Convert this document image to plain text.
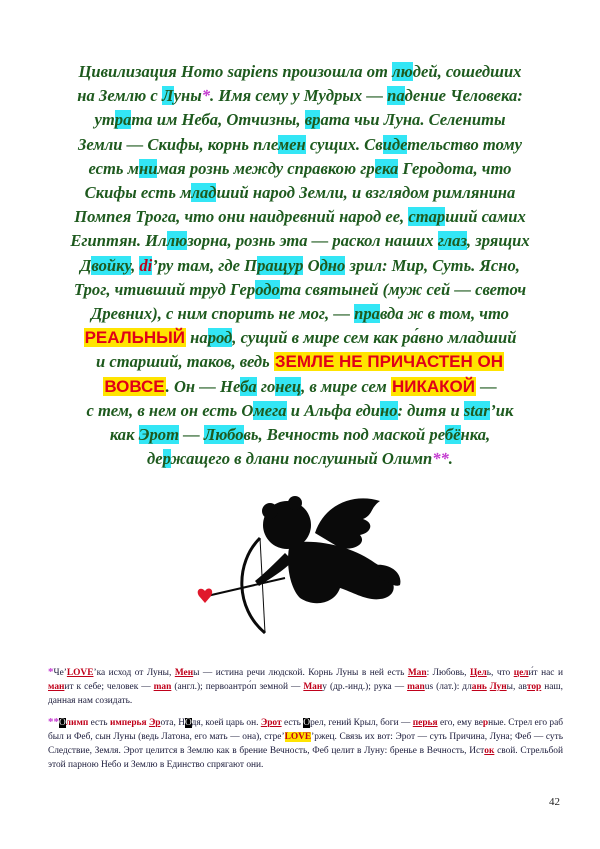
Цивилизация Homo sapiens произошла от людей, сошедших
на Землю с Луны*. Имя сему у Мудрых — падение Человека:
утрата им Неба, Отчизны, врата чьи Луна. Селениты
Земли — Скифы, корнь племен сущих. Свидетельство тому
есть мнимая рознь между справкою грека Геродота, что
Скифы есть младший народ Земли, и взглядом римлянина
Помпея Трога, что они наидревний народ ее, старший самих
Египтян. Иллюзорна, рознь эта — раскол наших глаз, зрящих
Двойку, di’ру там, где Пращур Одно зрил: Мир, Суть. Ясно,
Трог, чтивший труд Геродота святыней (муж сей — светоч
Древних), с ним спорить не мог, — правда ж в том, что
РЕАЛЬНЫЙ народ, сущий в мире сем как ра́вно младший
и старший, таков, ведь ЗЕМЛЕ НЕ ПРИЧАСТЕН ОН
ВОВСЕ. Он — Неба гонец, в мире сем НИКАКОЙ —
с тем, в нем он есть Омега и Альфа едино: дитя и star’ик
как Эрот — Любовь, Вечность под маской ребёнка,
держащего в длани послушный Олимп**.

*Че’LOVE’ка исход от Луны, Мены — истина речи людской. Корнь Луны в ней есть Man: Любовь, Цель, что цели́т нас и манит к себе; человек — man (англ.); первоантро́п земной — Ману (др.-инд.); рука — manus (лат.): длань Луны, автор наш, данная нам созидать.

**Олимп есть имперья Эрота, НОдя, коей царь он. Эрот есть Орел, гений Крыл, боги — перья его, ему верные. Стрел его раб был и Феб, сын Луны (ведь Латона, его мать — она), стре’LOVE’ржец. Связь их вот: Эрот — суть Причина, Луна; Феб — суть Следствие, Земля. Эрот целится в Землю как в брение Вечность, Феб целит в Луну: бренье в Вечность, Исток свой. Стрельбой этой парною Небо и Землю в Единство спрягают они.

42
